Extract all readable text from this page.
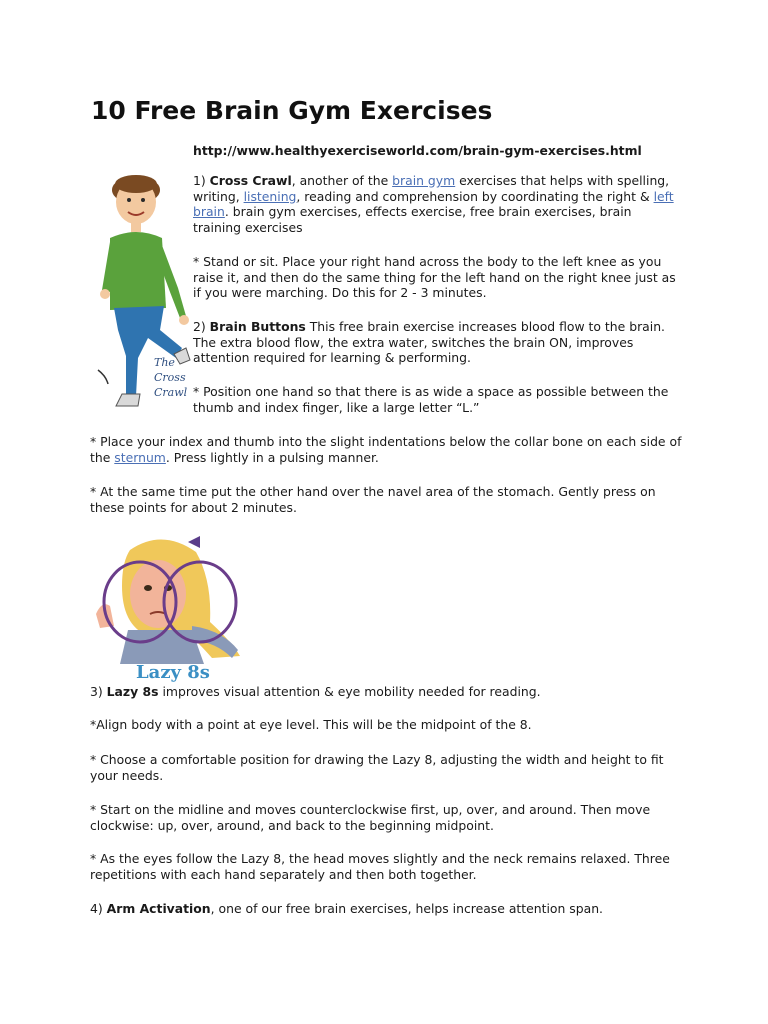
10 Free Brain Gym Exercises

http://www.healthyexerciseworld.com/brain-gym-exercises.html

The
Cross
Crawl

1) Cross Crawl, another of the brain gym exercises that helps with spelling, writing, listening, reading and comprehension by coordinating the right & left brain. brain gym exercises, effects exercise, free brain exercises, brain training exercises

* Stand or sit. Place your right hand across the body to the left knee as you raise it, and then do the same thing for the left hand on the right knee just as if you were marching. Do this for 2 - 3 minutes.

2) Brain Buttons This free brain exercise increases blood flow to the brain. The extra blood flow, the extra water, switches the brain ON, improves attention required for learning & performing.

* Position one hand so that there is as wide a space as possible between the thumb and index finger, like a large letter “L.”

* Place your index and thumb into the slight indentations below the collar bone on each side of the sternum. Press lightly in a pulsing manner.

* At the same time put the other hand over the navel area of the stomach. Gently press on these points for about 2 minutes.

Lazy 8s

3) Lazy 8s improves visual attention & eye mobility needed for reading.

*Align body with a point at eye level. This will be the midpoint of the 8.

* Choose a comfortable position for drawing the Lazy 8, adjusting the width and height to fit your needs.

* Start on the midline and moves counterclockwise first, up, over, and around. Then move clockwise: up, over, around, and back to the beginning midpoint.

* As the eyes follow the Lazy 8, the head moves slightly and the neck remains relaxed. Three repetitions with each hand separately and then both together.

4) Arm Activation, one of our free brain exercises, helps increase attention span.
